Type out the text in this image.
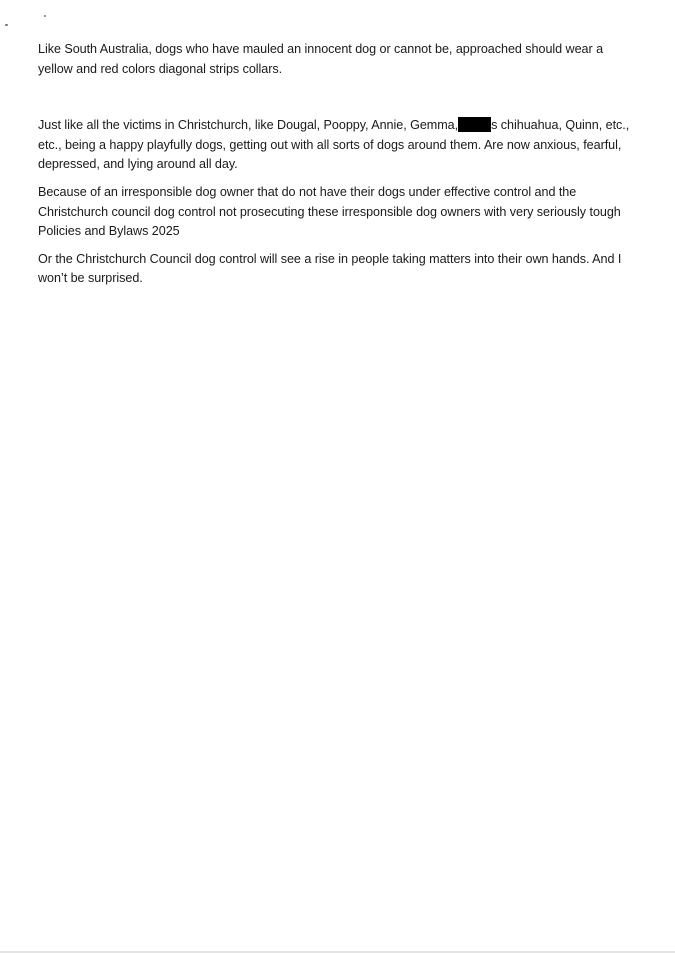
Like South Australia, dogs who have mauled an innocent dog or cannot be, approached should wear a yellow and red colors diagonal strips collars.

Just like all the victims in Christchurch, like Dougal, Pooppy, Annie, Gemma,	s chihuahua, Quinn, etc., etc., being a happy playfully dogs, getting out with all sorts of dogs around them. Are now anxious, fearful, depressed, and lying around all day.

Because of an irresponsible dog owner that do not have their dogs under effective control and the Christchurch council dog control not prosecuting these irresponsible dog owners with very seriously tough Policies and Bylaws 2025

Or the Christchurch Council dog control will see a rise in people taking matters into their own hands. And I won’t be surprised.
